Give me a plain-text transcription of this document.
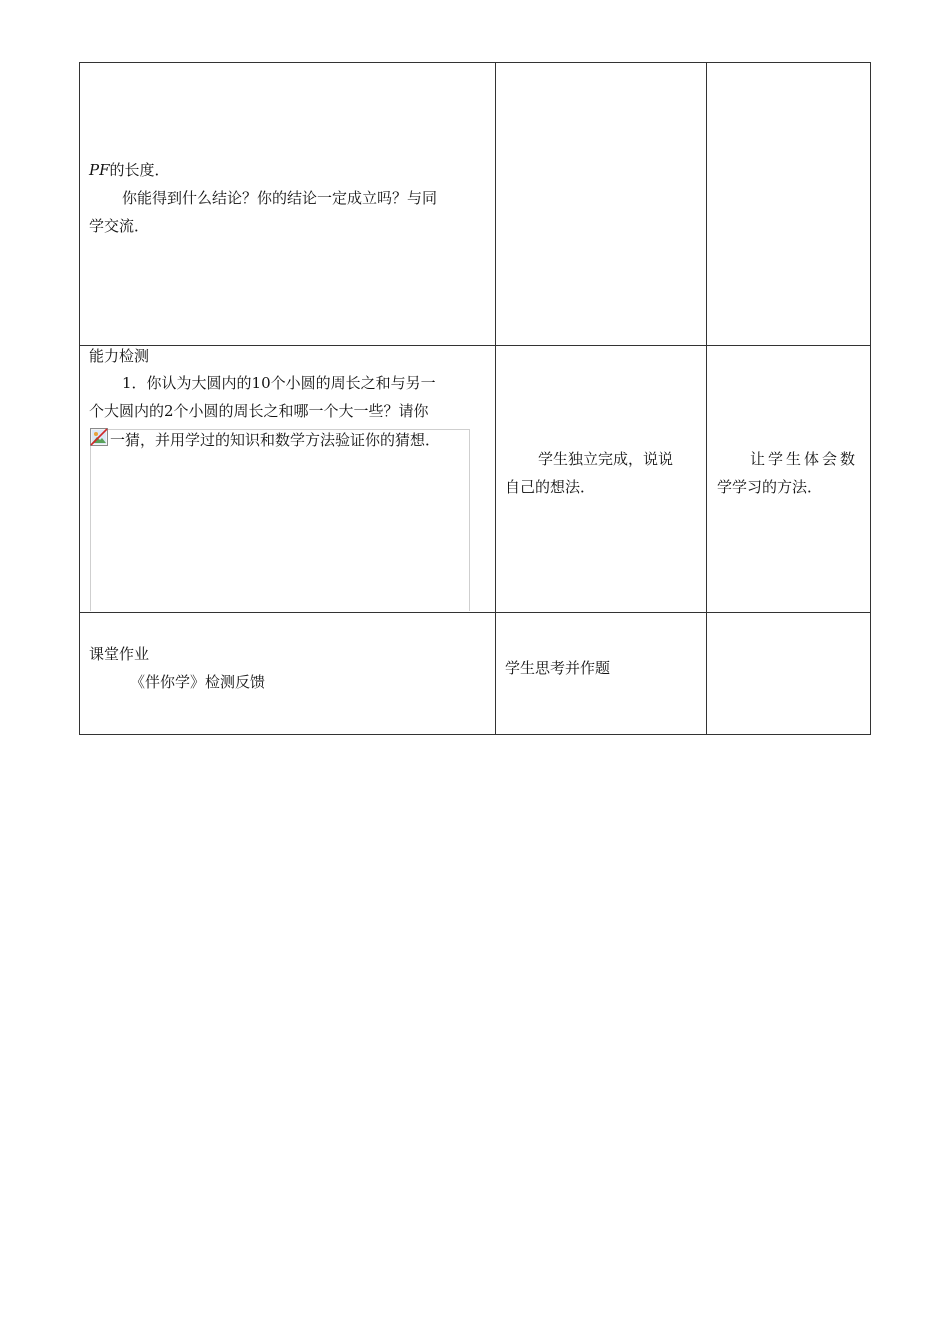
PF的长度．
你能得到什么结论？你的结论一定成立吗？与同
学交流．
能力检测
1．你认为大圆内的10个小圆的周长之和与另一
个大圆内的2个小圆的周长之和哪一个大一些？请你
一猜，并用学过的知识和数学方法验证你的猜想．
学生独立完成，说说
自己的想法．
让学生体会数
学学习的方法．
课堂作业
《伴你学》检测反馈
学生思考并作题
